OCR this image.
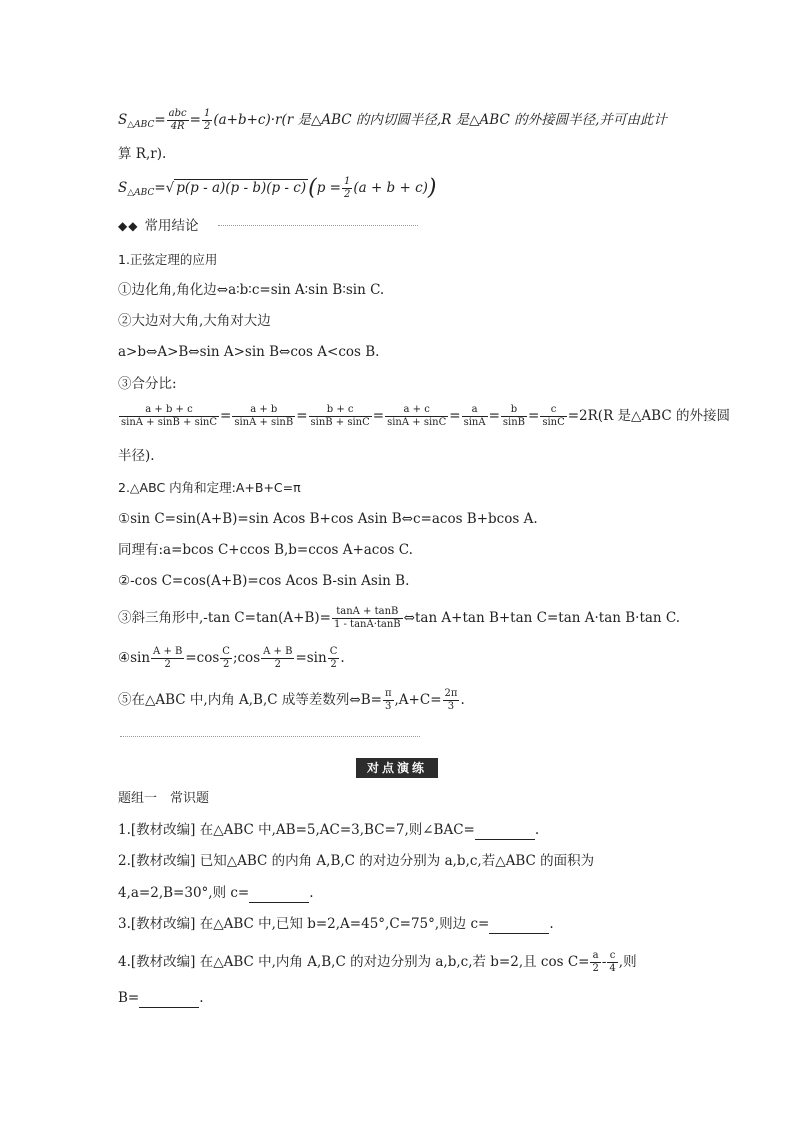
$S_{\triangle ABC}= \frac{\text{abc}}{4R} = \frac{1}{2} (a+b+c)\cdot r(r$ 是△ABC 的内切圆半径,R 是△ABC 的外接圆半径,并可由此计
算 R,r).
$S_{\triangle ABC}=√$ $p(p - a)(p - b)(p - c)(p = \frac{1}{2} (a + b + c))$
◆◆ 常用结论
1.正弦定理的应用
①边化角,角化边⇔a∶b∶c=sin A∶sin B∶sin C.
②大边对大角,大角对大边
a>b⇔A>B⇔sin A>sin B⇔cos A<cos B.
③合分比:
$\frac{a + b + c}{\sin A + \sin B + \sin C} = \frac{a + b}{\sin A + \sin B} = \frac{b + c}{\sin B + \sin C} = \frac{a + c}{\sin A + \sin C} = \frac{a}{\sin A} = \frac{b}{\sin B} = \frac{c}{\sin C} =2R(R$ 是△ABC 的外接圆
半径).
2.△ABC 内角和定理:A+B+C=π
①sin C=sin(A+B)=sin Acos B+cos Asin B⇔c=acos B+bcos A.
同理有:a=bcos C+ccos B,b=ccos A+acos C.
②-cos C=cos(A+B)=cos Acos B-sin Asin B.
③斜三角形中,-tan $C=\tan(A+B)= \frac{\tan A + \tan B}{1 - \tan A\cdot\tan B}$ ⇔tan A+tan B+tan C=tan A·tan B·tan C.
④sin $\frac{A + B}{2} =\cos \frac{C}{2}$ ;cos $\frac{A + B}{2} =\sin \frac{C}{2}$ .
⑤在△ABC 中,内角 A,B,C 成等差数列⇔B= $\frac{\pi}{3} ,A+C= \frac{2\pi}{3}$ .
对点演练
题组一　常识题
1.[教材改编] 在△ABC 中,AB=5,AC=3,BC=7,则∠BAC=	.
2.[教材改编] 已知△ABC 的内角 A,B,C 的对边分别为 a,b,c,若△ABC 的面积为
4,a=2,B=30°,则 c=	.
3.[教材改编] 在△ABC 中,已知 b=2,A=45°,C=75°,则边 c=	.
4.[教材改编] 在△ABC 中,内角 A,B,C 的对边分别为 a,b,c,若 b=2,且 $\cos C= \frac{a}{2} - \frac{c}{4}$ ,则
B=	.
